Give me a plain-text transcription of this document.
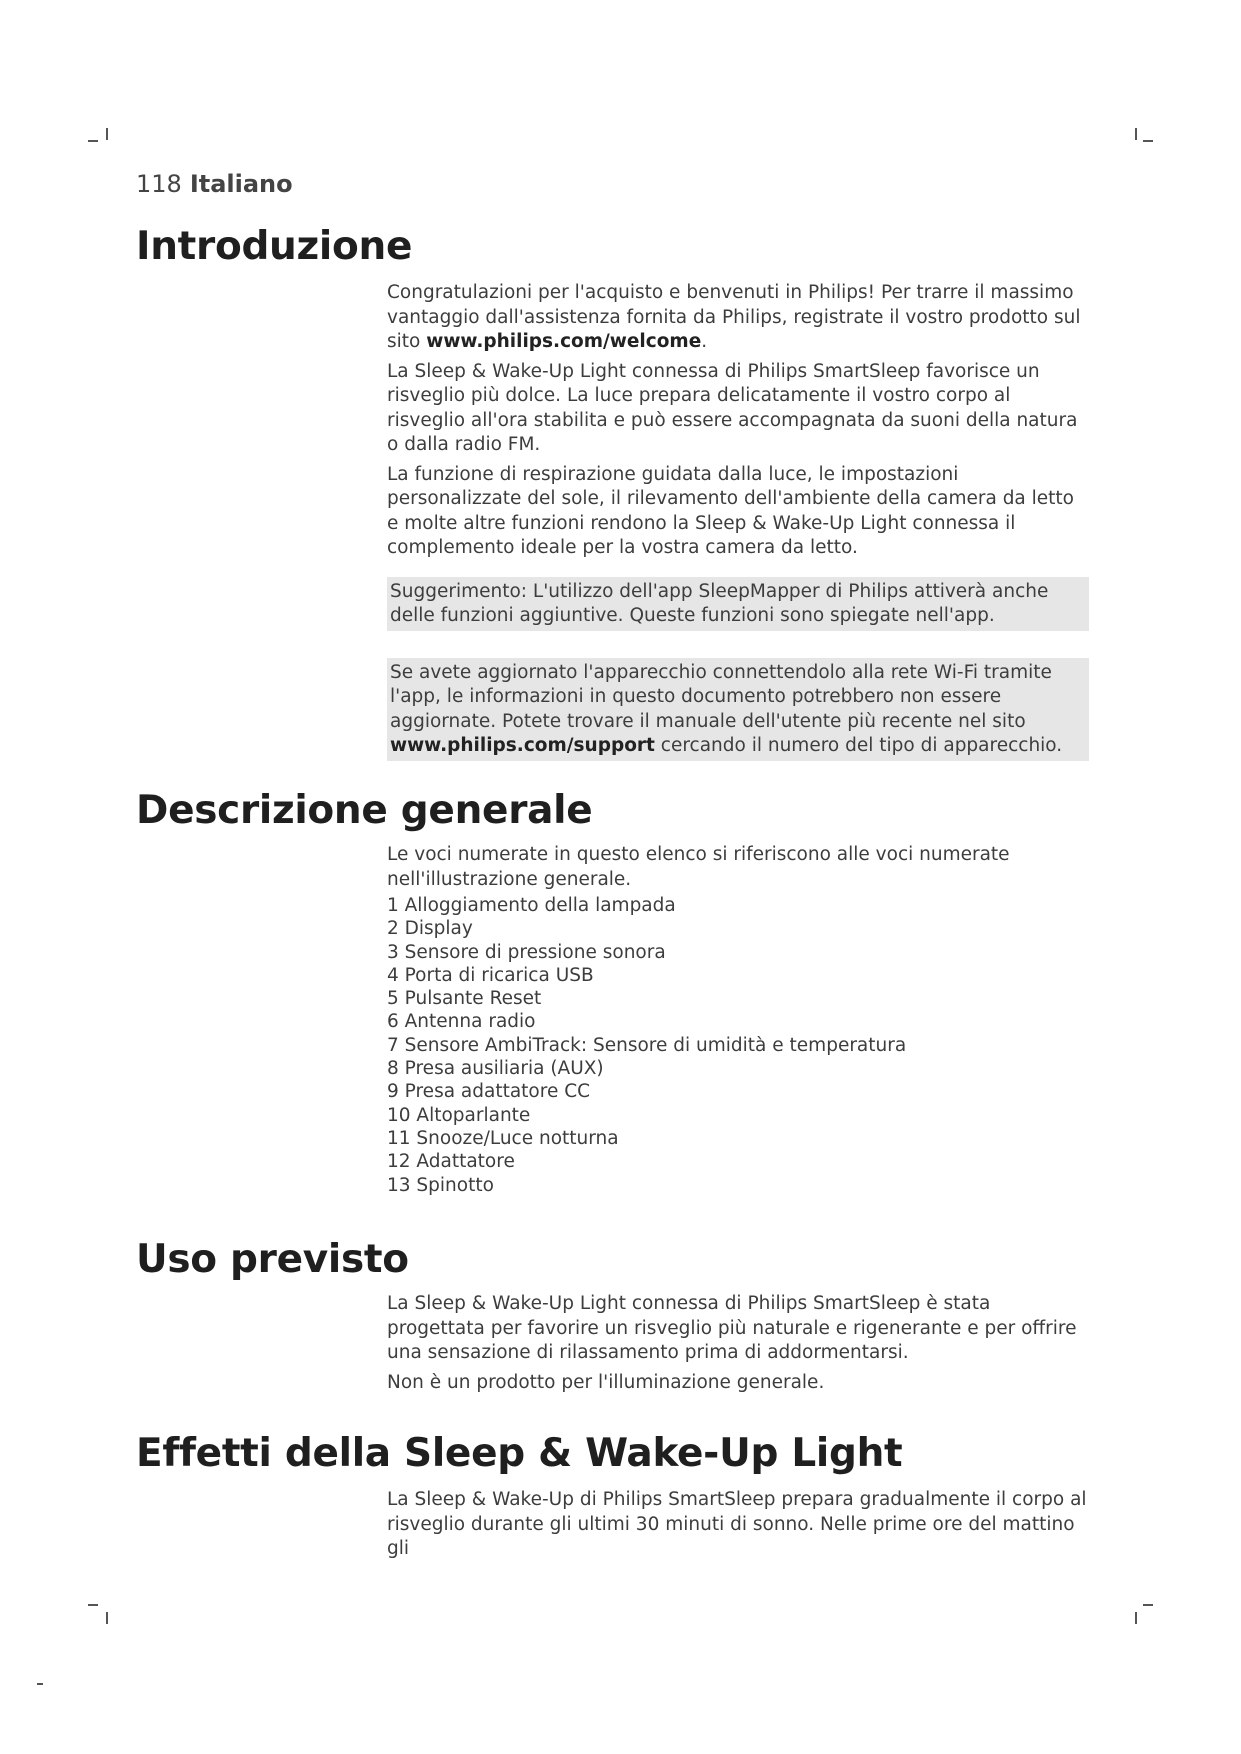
118 Italiano
Introduzione

Congratulazioni per l'acquisto e benvenuti in Philips! Per trarre il massimo vantaggio dall'assistenza fornita da Philips, registrate il vostro prodotto sul sito www.philips.com/welcome.

La Sleep & Wake-Up Light connessa di Philips SmartSleep favorisce un risveglio più dolce. La luce prepara delicatamente il vostro corpo al risveglio all'ora stabilita e può essere accompagnata da suoni della natura o dalla radio FM.

La funzione di respirazione guidata dalla luce, le impostazioni personalizzate del sole, il rilevamento dell'ambiente della camera da letto e molte altre funzioni rendono la Sleep & Wake-Up Light connessa il complemento ideale per la vostra camera da letto.

Suggerimento: L'utilizzo dell'app SleepMapper di Philips attiverà anche delle funzioni aggiuntive. Queste funzioni sono spiegate nell'app.

Se avete aggiornato l'apparecchio connettendolo alla rete Wi-Fi tramite l'app, le informazioni in questo documento potrebbero non essere aggiornate. Potete trovare il manuale dell'utente più recente nel sito www.philips.com/support cercando il numero del tipo di apparecchio.

Descrizione generale

Le voci numerate in questo elenco si riferiscono alle voci numerate nell'illustrazione generale.

1 Alloggiamento della lampada
2 Display
3 Sensore di pressione sonora
4 Porta di ricarica USB
5 Pulsante Reset
6 Antenna radio
7 Sensore AmbiTrack: Sensore di umidità e temperatura
8 Presa ausiliaria (AUX)
9 Presa adattatore CC
10 Altoparlante
11 Snooze/Luce notturna
12 Adattatore
13 Spinotto
Uso previsto

La Sleep & Wake-Up Light connessa di Philips SmartSleep è stata progettata per favorire un risveglio più naturale e rigenerante e per offrire una sensazione di rilassamento prima di addormentarsi.

Non è un prodotto per l'illuminazione generale.

Effetti della Sleep & Wake-Up Light

La Sleep & Wake-Up di Philips SmartSleep prepara gradualmente il corpo al risveglio durante gli ultimi 30 minuti di sonno. Nelle prime ore del mattino gli
